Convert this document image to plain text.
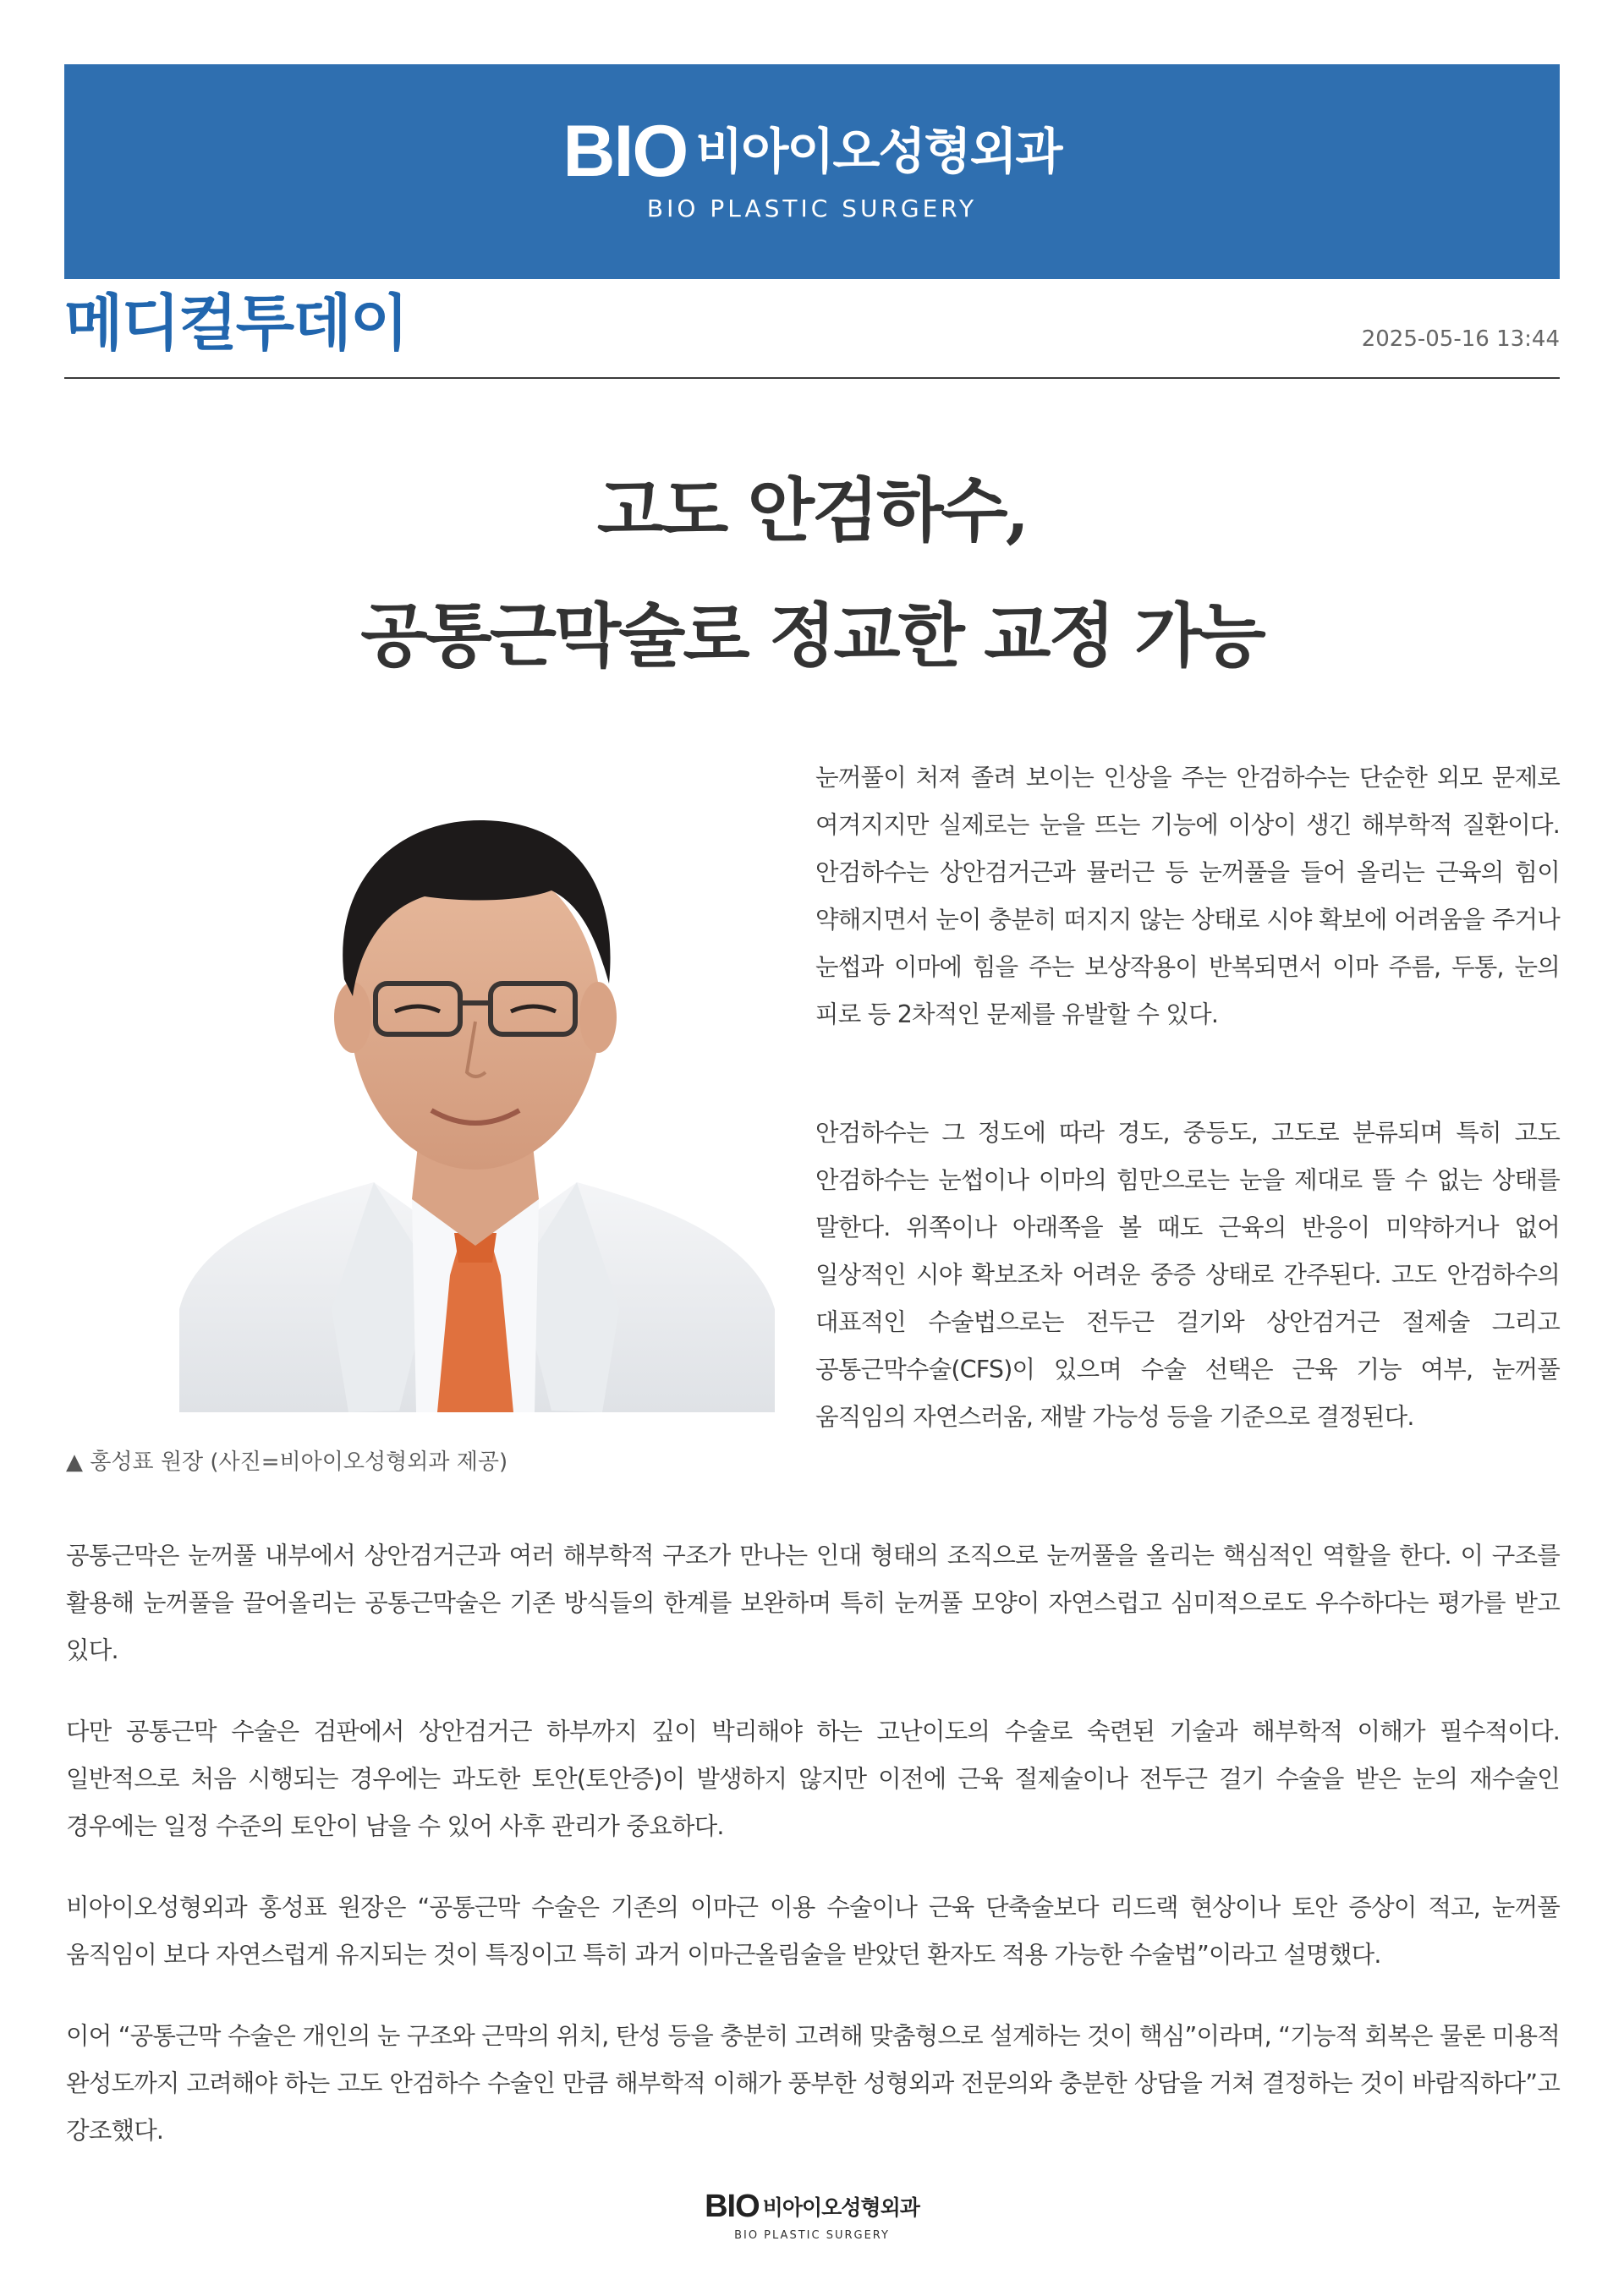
BIO 비아이오성형외과
BIO PLASTIC SURGERY
메디컬투데이	2025-05-16 13:44
고도 안검하수,
공통근막술로 정교한 교정 가능
▲ 홍성표 원장 (사진=비아이오성형외과 제공)
눈꺼풀이 처져 졸려 보이는 인상을 주는 안검하수는 단순한 외모 문제로 여겨지지만 실제로는 눈을 뜨는 기능에 이상이 생긴 해부학적 질환이다. 안검하수는 상안검거근과 뮬러근 등 눈꺼풀을 들어 올리는 근육의 힘이 약해지면서 눈이 충분히 떠지지 않는 상태로 시야 확보에 어려움을 주거나 눈썹과 이마에 힘을 주는 보상작용이 반복되면서 이마 주름, 두통, 눈의 피로 등 2차적인 문제를 유발할 수 있다.
안검하수는 그 정도에 따라 경도, 중등도, 고도로 분류되며 특히 고도 안검하수는 눈썹이나 이마의 힘만으로는 눈을 제대로 뜰 수 없는 상태를 말한다. 위쪽이나 아래쪽을 볼 때도 근육의 반응이 미약하거나 없어 일상적인 시야 확보조차 어려운 중증 상태로 간주된다. 고도 안검하수의 대표적인 수술법으로는 전두근 걸기와 상안검거근 절제술 그리고 공통근막수술(CFS)이 있으며 수술 선택은 근육 기능 여부, 눈꺼풀 움직임의 자연스러움, 재발 가능성 등을 기준으로 결정된다.
공통근막은 눈꺼풀 내부에서 상안검거근과 여러 해부학적 구조가 만나는 인대 형태의 조직으로 눈꺼풀을 올리는 핵심적인 역할을 한다. 이 구조를 활용해 눈꺼풀을 끌어올리는 공통근막술은 기존 방식들의 한계를 보완하며 특히 눈꺼풀 모양이 자연스럽고 심미적으로도 우수하다는 평가를 받고 있다.
다만 공통근막 수술은 검판에서 상안검거근 하부까지 깊이 박리해야 하는 고난이도의 수술로 숙련된 기술과 해부학적 이해가 필수적이다. 일반적으로 처음 시행되는 경우에는 과도한 토안(토안증)이 발생하지 않지만 이전에 근육 절제술이나 전두근 걸기 수술을 받은 눈의 재수술인 경우에는 일정 수준의 토안이 남을 수 있어 사후 관리가 중요하다.
비아이오성형외과 홍성표 원장은 “공통근막 수술은 기존의 이마근 이용 수술이나 근육 단축술보다 리드랙 현상이나 토안 증상이 적고, 눈꺼풀 움직임이 보다 자연스럽게 유지되는 것이 특징이고 특히 과거 이마근올림술을 받았던 환자도 적용 가능한 수술법”이라고 설명했다.
이어 “공통근막 수술은 개인의 눈 구조와 근막의 위치, 탄성 등을 충분히 고려해 맞춤형으로 설계하는 것이 핵심”이라며, “기능적 회복은 물론 미용적 완성도까지 고려해야 하는 고도 안검하수 수술인 만큼 해부학적 이해가 풍부한 성형외과 전문의와 충분한 상담을 거쳐 결정하는 것이 바람직하다”고 강조했다.
BIO 비아이오성형외과
BIO PLASTIC SURGERY
